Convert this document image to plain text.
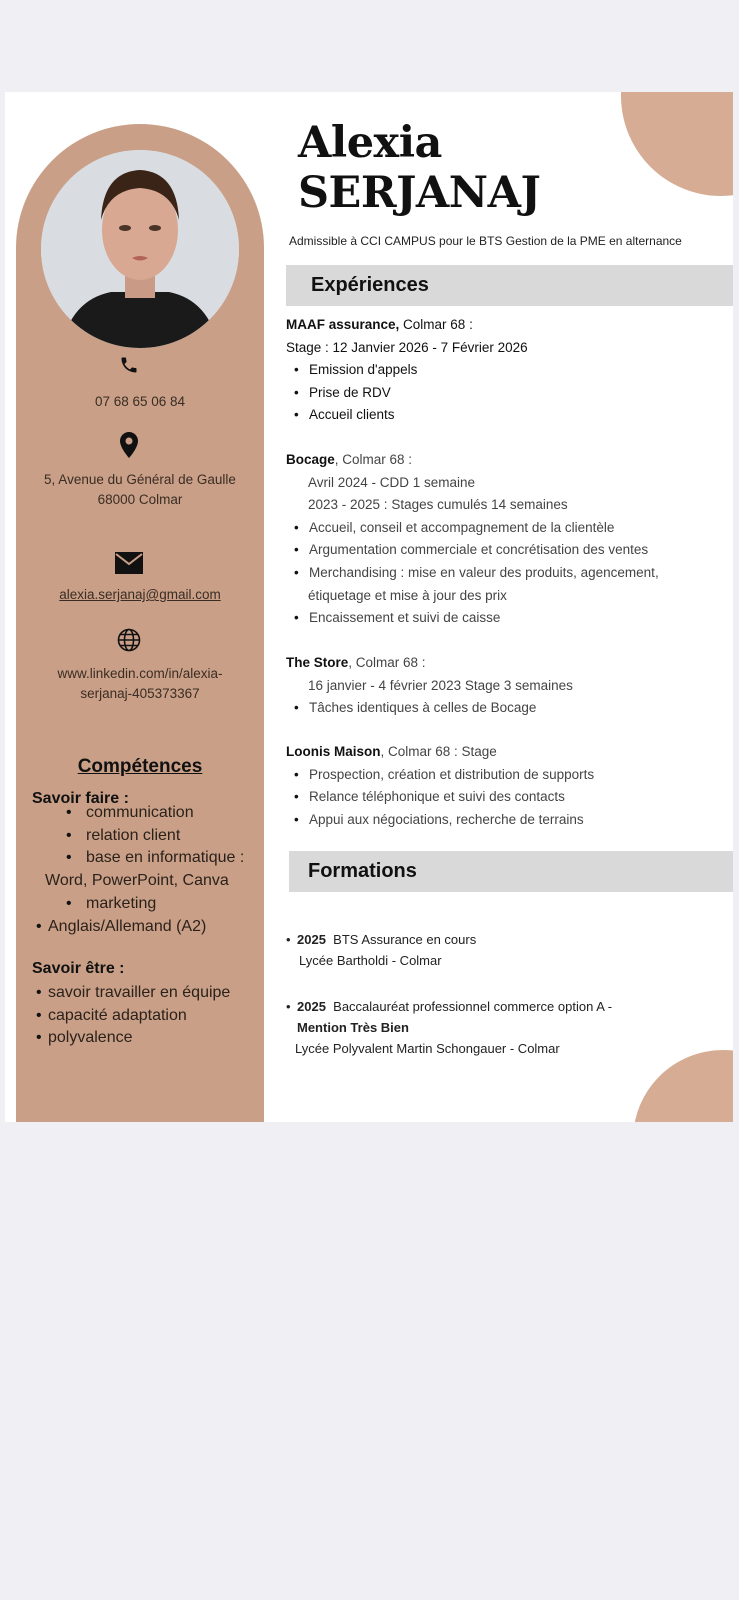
07 68 65 06 84
5, Avenue du Général de Gaulle
68000 Colmar
alexia.serjanaj@gmail.com
www.linkedin.com/in/alexia-
serjanaj-405373367
Compétences
Savoir faire :
• communication
• relation client
• base en informatique :
Word, PowerPoint, Canva
• marketing
• Anglais/Allemand (A2)
Savoir être :
• savoir travailler en équipe
• capacité adaptation
• polyvalence
Alexia
SERJANAJ
Admissible à CCI CAMPUS pour le BTS Gestion de la PME en alternance
Expériences
MAAF assurance, Colmar 68 :
Stage : 12 Janvier 2026 - 7 Février 2026
• Emission d'appels
• Prise de RDV
• Accueil clients
Bocage, Colmar 68 :
Avril 2024 - CDD 1 semaine
2023 - 2025 : Stages cumulés 14 semaines
• Accueil, conseil et accompagnement de la clientèle
• Argumentation commerciale et concrétisation des ventes
• Merchandising : mise en valeur des produits, agencement,
étiquetage et mise à jour des prix
• Encaissement et suivi de caisse
The Store, Colmar 68 :
16 janvier - 4 février 2023 Stage 3 semaines
• Tâches identiques à celles de Bocage
Loonis Maison, Colmar 68 : Stage
• Prospection, création et distribution de supports
• Relance téléphonique et suivi des contacts
• Appui aux négociations, recherche de terrains
Formations
• 2025 BTS Assurance en cours
Lycée Bartholdi - Colmar
• 2025 Baccalauréat professionnel commerce option A -
Mention Très Bien
Lycée Polyvalent Martin Schongauer - Colmar
